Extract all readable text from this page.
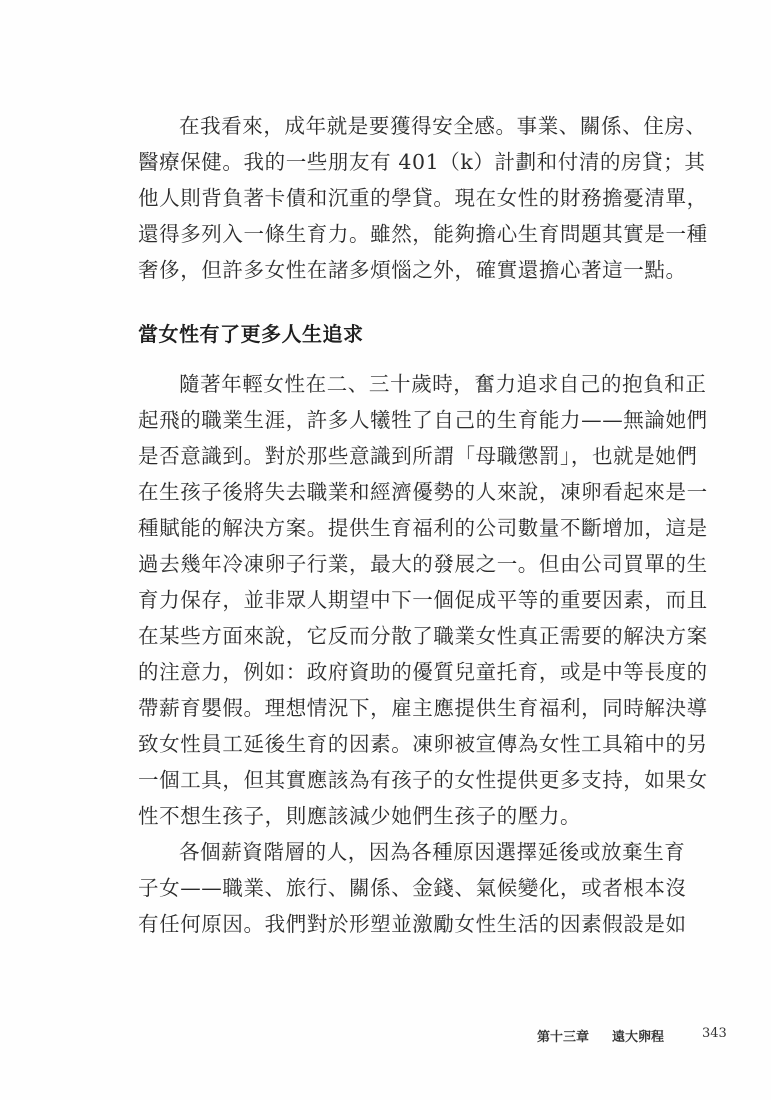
在我看來，成年就是要獲得安全感。事業、關係、住房、
醫療保健。我的一些朋友有 401（k）計劃和付清的房貸；其
他人則背負著卡債和沉重的學貸。現在女性的財務擔憂清單，
還得多列入一條生育力。雖然，能夠擔心生育問題其實是一種
奢侈，但許多女性在諸多煩惱之外，確實還擔心著這一點。
當女性有了更多人生追求
隨著年輕女性在二、三十歲時，奮力追求自己的抱負和正
起飛的職業生涯，許多人犧牲了自己的生育能力——無論她們
是否意識到。對於那些意識到所謂「母職懲罰」，也就是她們
在生孩子後將失去職業和經濟優勢的人來說，凍卵看起來是一
種賦能的解決方案。提供生育福利的公司數量不斷增加，這是
過去幾年冷凍卵子行業，最大的發展之一。但由公司買單的生
育力保存，並非眾人期望中下一個促成平等的重要因素，而且
在某些方面來說，它反而分散了職業女性真正需要的解決方案
的注意力，例如：政府資助的優質兒童托育，或是中等長度的
帶薪育嬰假。理想情況下，雇主應提供生育福利，同時解決導
致女性員工延後生育的因素。凍卵被宣傳為女性工具箱中的另
一個工具，但其實應該為有孩子的女性提供更多支持，如果女
性不想生孩子，則應該減少她們生孩子的壓力。
各個薪資階層的人，因為各種原因選擇延後或放棄生育
子女——職業、旅行、關係、金錢、氣候變化，或者根本沒
有任何原因。我們對於形塑並激勵女性生活的因素假設是如
第十三章 遠大卵程	343
